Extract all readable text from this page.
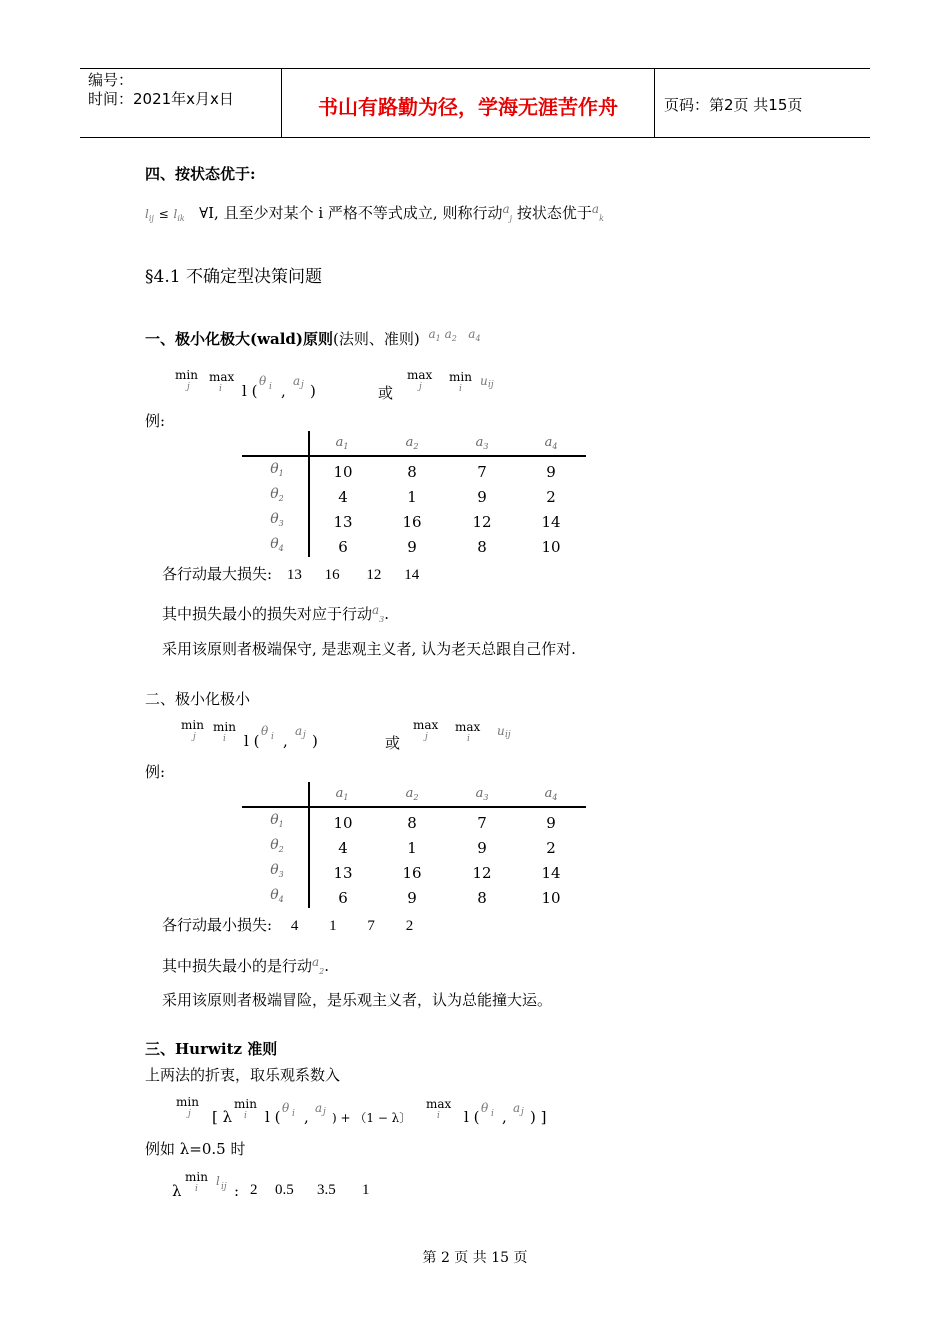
编号：
时间：2021年x月x日	书山有路勤为径，学海无涯苦作舟	页码：第2页 共15页
四、按状态优于:
$l_{ij} \le l_{ik}$ ∀I, 且至少对某个 i 严格不等式成立, 则称行动$^a_j$ 按状态优于$^a_k$
§4.1 不确定型决策问题
一、极小化极大(wald)原则(法则、准则) $^{a_1 a_2 a_4}$
min
j
max
i l (
θ i ,
a j )	或
max
j
min
i
u ij
例:
$a_1$	$a_2$	$a_3$	$a_4$
$\theta_1$	10	8	7	9
$\theta_2$	4	1	9	2
$\theta_3$	13	16	12	14
$\theta_4$	6	9	8	10
各行动最大损失: 13 16 12 14
其中损失最小的损失对应于行动$^a_3$.
采用该原则者极端保守, 是悲观主义者, 认为老天总跟自己作对.
二、极小化极小
min
j
min
i l (
θ i ,
a j )	或
max
j
max
i
u ij
例:
$a_1$	$a_2$	$a_3$	$a_4$
$\theta_1$	10	8	7	9
$\theta_2$	4	1	9	2
$\theta_3$	13	16	12	14
$\theta_4$	6	9	8	10
各行动最小损失: 4 1 7 2
其中损失最小的是行动$^a_2$.
采用该原则者极端冒险，是乐观主义者，认为总能撞大运。
三、Hurwitz 准则
上两法的折衷，取乐观系数入
min
j [ λ
min
i l ( θ i , a j ) + （1 − λ〕
max
i l ( θ i , a j ) ]
例如 λ=0.5 时
λ
min
i
l ij : 2 0.5 3.5 1
第 2 页 共 15 页
